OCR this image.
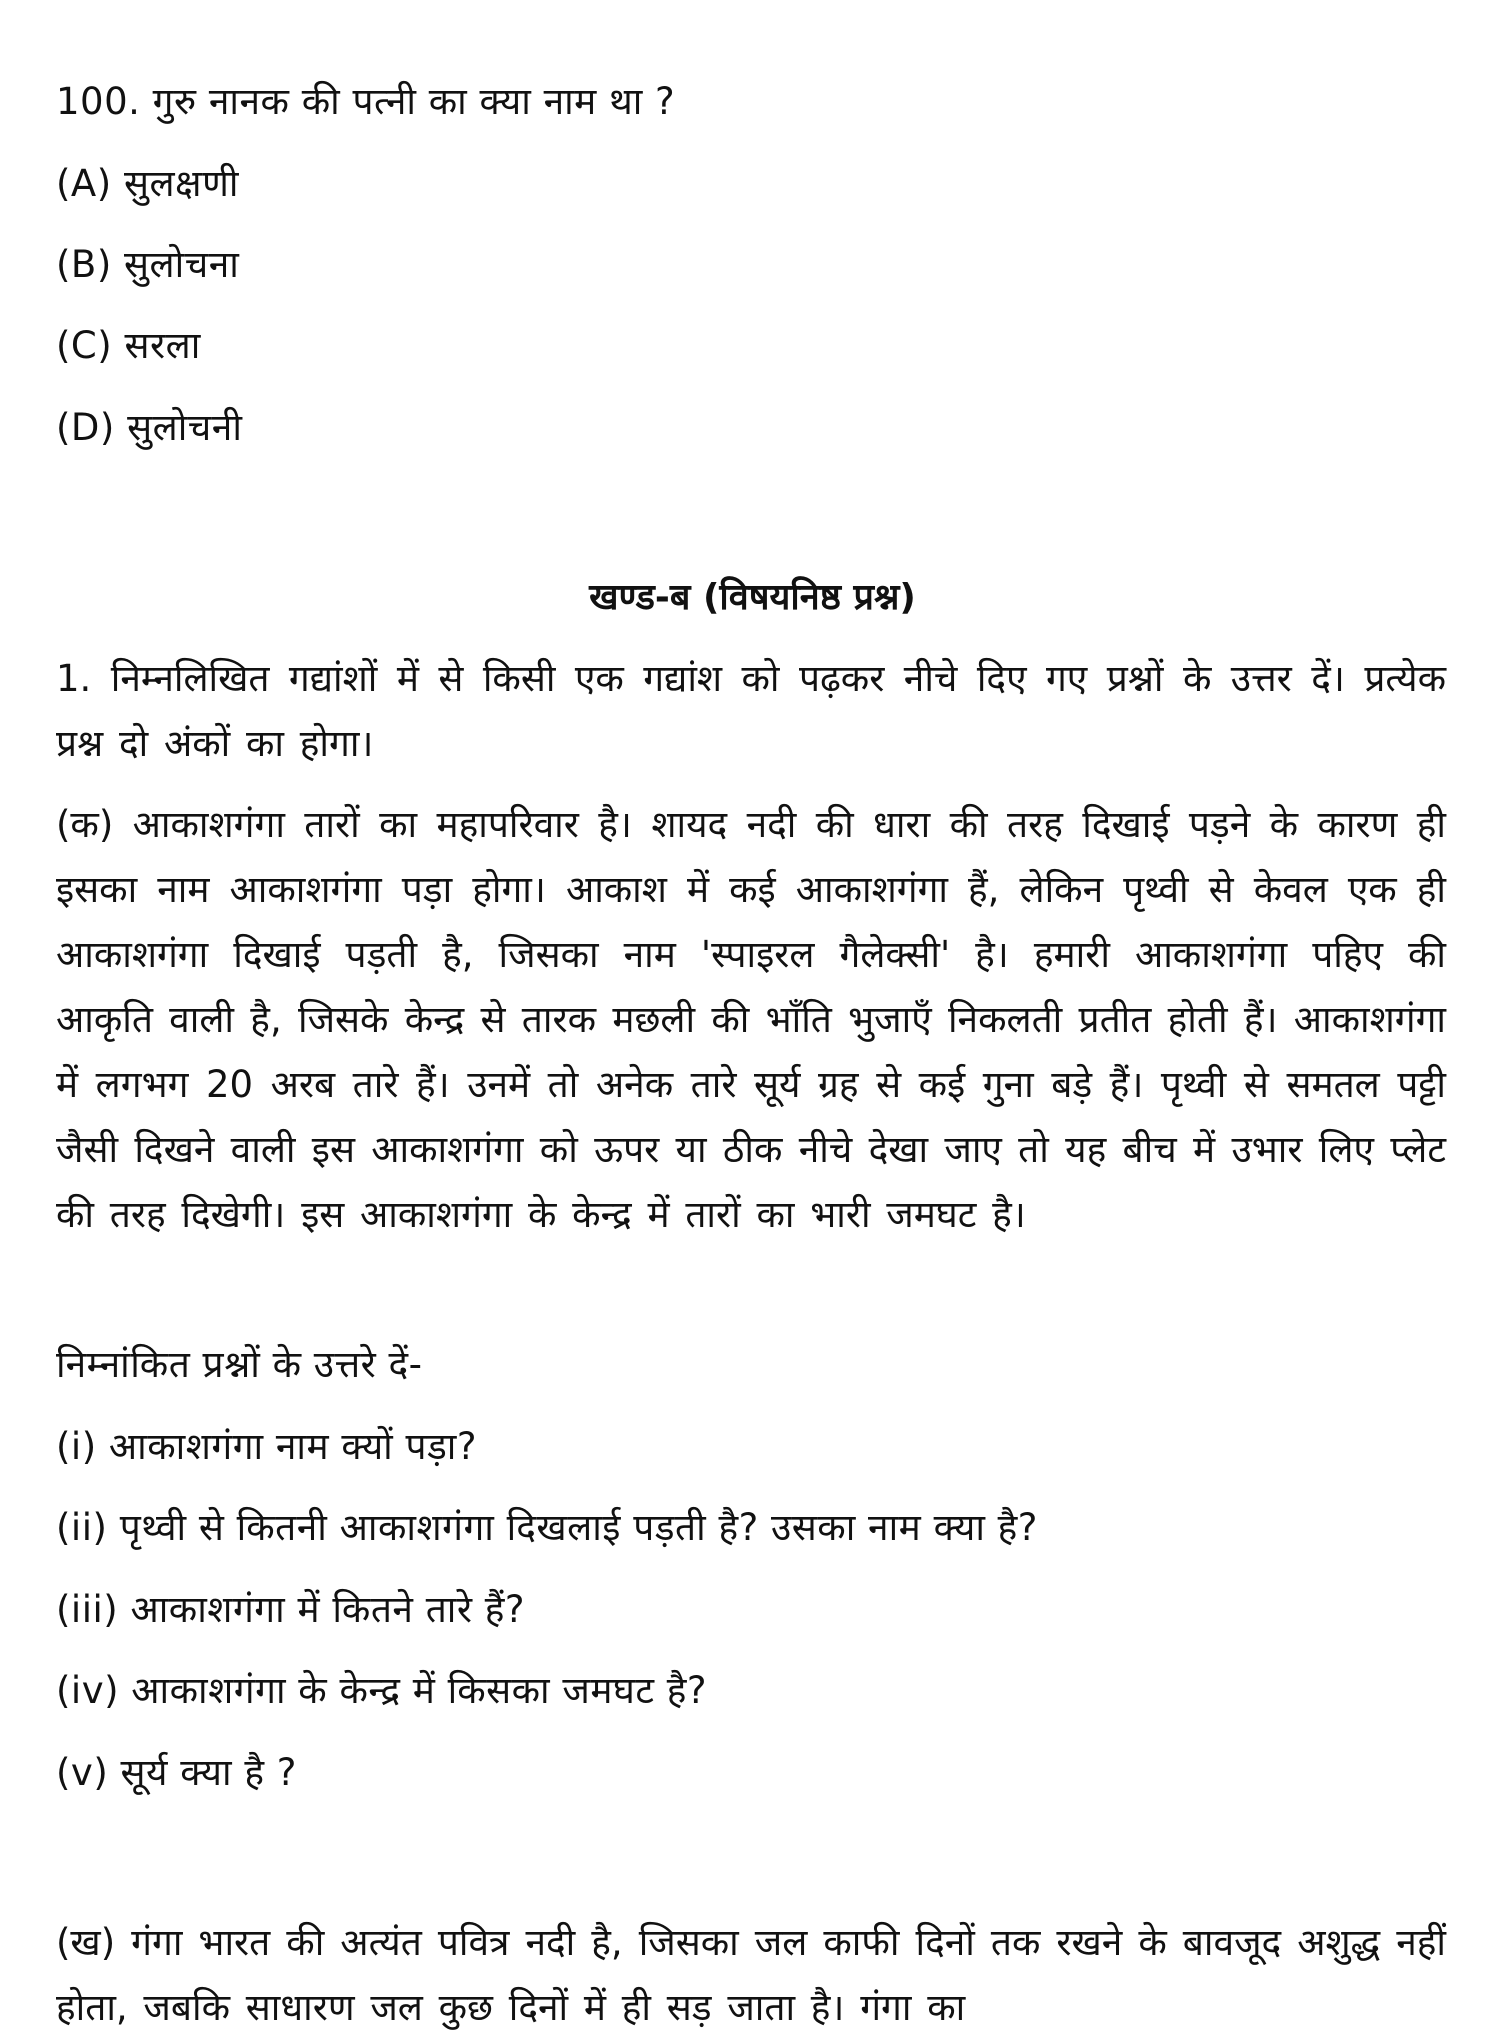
100. गुरु नानक की पत्नी का क्या नाम था ?
(A) सुलक्षणी
(B) सुलोचना
(C) सरला
(D) सुलोचनी
खण्ड-ब (विषयनिष्ठ प्रश्न)
1. निम्नलिखित गद्यांशों में से किसी एक गद्यांश को पढ़कर नीचे दिए गए प्रश्नों के उत्तर दें। प्रत्येक प्रश्न दो अंकों का होगा।
(क) आकाशगंगा तारों का महापरिवार है। शायद नदी की धारा की तरह दिखाई पड़ने के कारण ही इसका नाम आकाशगंगा पड़ा होगा। आकाश में कई आकाशगंगा हैं, लेकिन पृथ्वी से केवल एक ही आकाशगंगा दिखाई पड़ती है, जिसका नाम 'स्पाइरल गैलेक्सी' है। हमारी आकाशगंगा पहिए की आकृति वाली है, जिसके केन्द्र से तारक मछली की भाँति भुजाएँ निकलती प्रतीत होती हैं। आकाशगंगा में लगभग 20 अरब तारे हैं। उनमें तो अनेक तारे सूर्य ग्रह से कई गुना बड़े हैं। पृथ्वी से समतल पट्टी जैसी दिखने वाली इस आकाशगंगा को ऊपर या ठीक नीचे देखा जाए तो यह बीच में उभार लिए प्लेट की तरह दिखेगी। इस आकाशगंगा के केन्द्र में तारों का भारी जमघट है।
निम्नांकित प्रश्नों के उत्तरे दें-
(i) आकाशगंगा नाम क्यों पड़ा?
(ii) पृथ्वी से कितनी आकाशगंगा दिखलाई पड़ती है? उसका नाम क्या है?
(iii) आकाशगंगा में कितने तारे हैं?
(iv) आकाशगंगा के केन्द्र में किसका जमघट है?
(v) सूर्य क्या है ?
(ख) गंगा भारत की अत्यंत पवित्र नदी है, जिसका जल काफी दिनों तक रखने के बावजूद अशुद्ध नहीं होता, जबकि साधारण जल कुछ दिनों में ही सड़ जाता है। गंगा का
